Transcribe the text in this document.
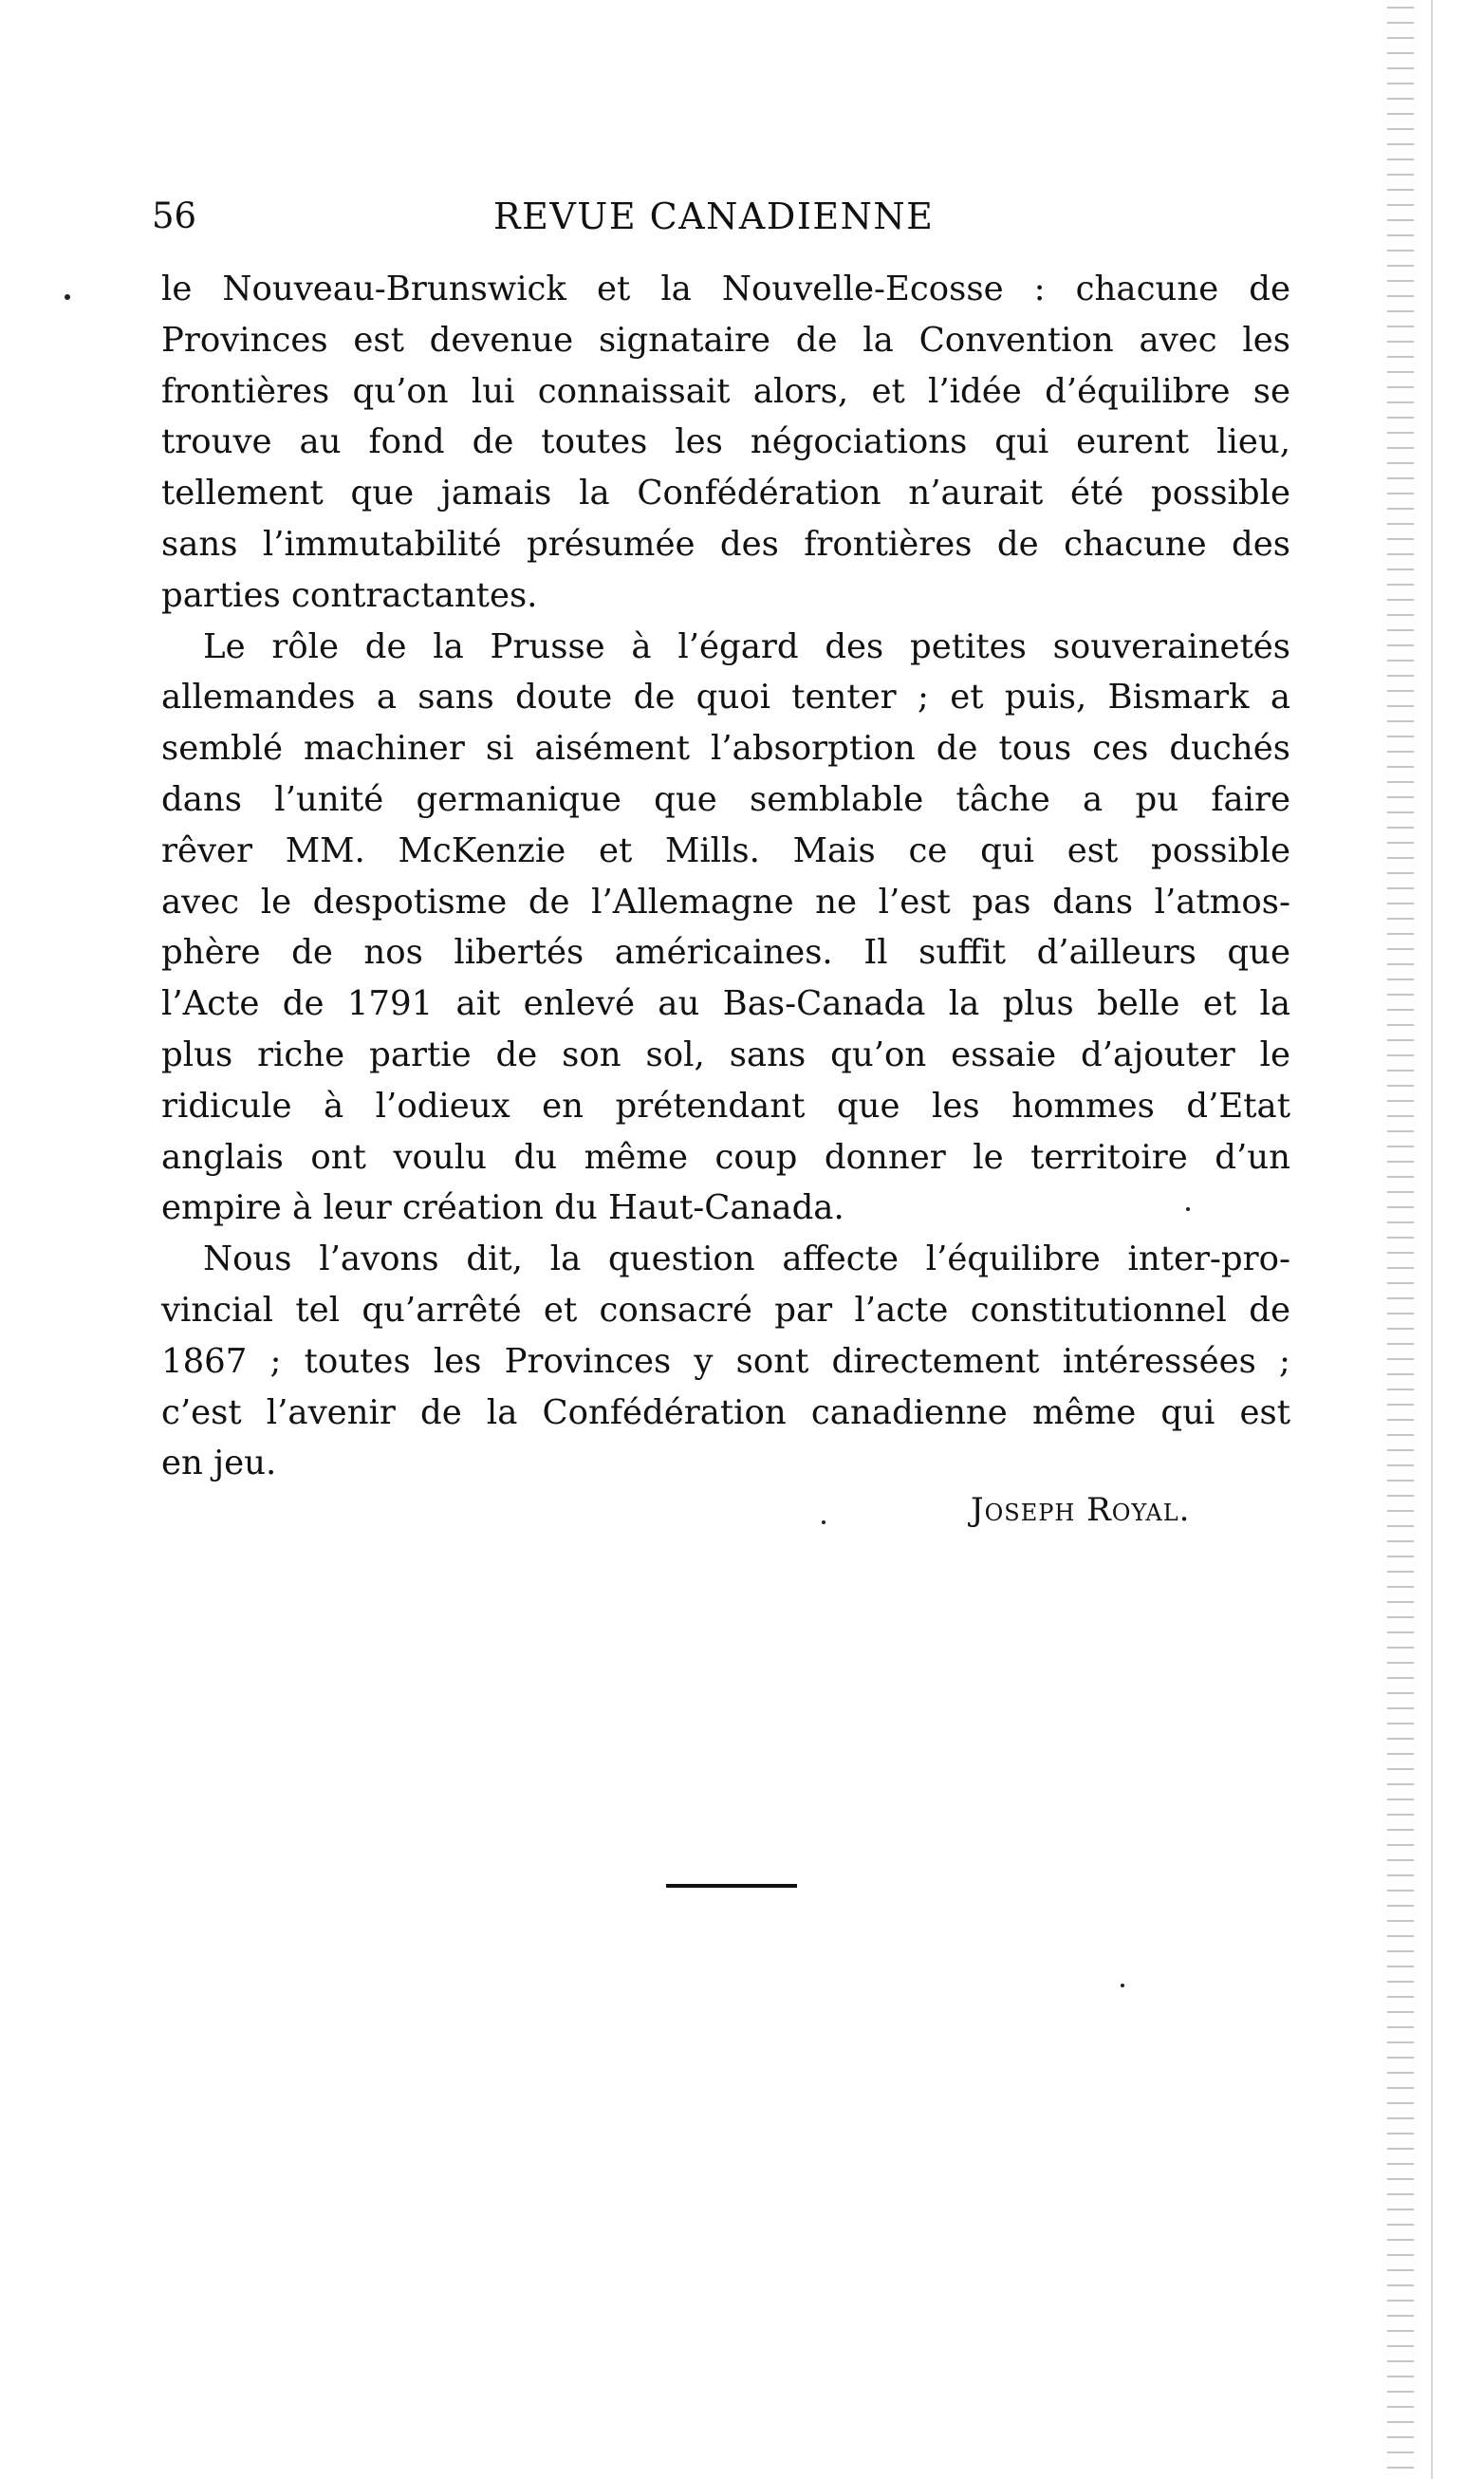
56	REVUE CANADIENNE
le Nouveau-Brunswick et la Nouvelle-Ecosse : chacune de
Provinces est devenue signataire de la Convention avec les
frontières qu’on lui connaissait alors, et l’idée d’équilibre se
trouve au fond de toutes les négociations qui eurent lieu,
tellement que jamais la Confédération n’aurait été possible
sans l’immutabilité présumée des frontières de chacune des
parties contractantes.
Le rôle de la Prusse à l’égard des petites souverainetés
allemandes a sans doute de quoi tenter ; et puis, Bismark a
semblé machiner si aisément l’absorption de tous ces duchés
dans l’unité germanique que semblable tâche a pu faire
rêver MM. McKenzie et Mills. Mais ce qui est possible
avec le despotisme de l’Allemagne ne l’est pas dans l’atmos-
phère de nos libertés américaines. Il suffit d’ailleurs que
l’Acte de 1791 ait enlevé au Bas-Canada la plus belle et la
plus riche partie de son sol, sans qu’on essaie d’ajouter le
ridicule à l’odieux en prétendant que les hommes d’Etat
anglais ont voulu du même coup donner le territoire d’un
empire à leur création du Haut-Canada.
Nous l’avons dit, la question affecte l’équilibre inter-pro-
vincial tel qu’arrêté et consacré par l’acte constitutionnel de
1867 ; toutes les Provinces y sont directement intéressées ;
c’est l’avenir de la Confédération canadienne même qui est
en jeu.
Joseph Royal.
